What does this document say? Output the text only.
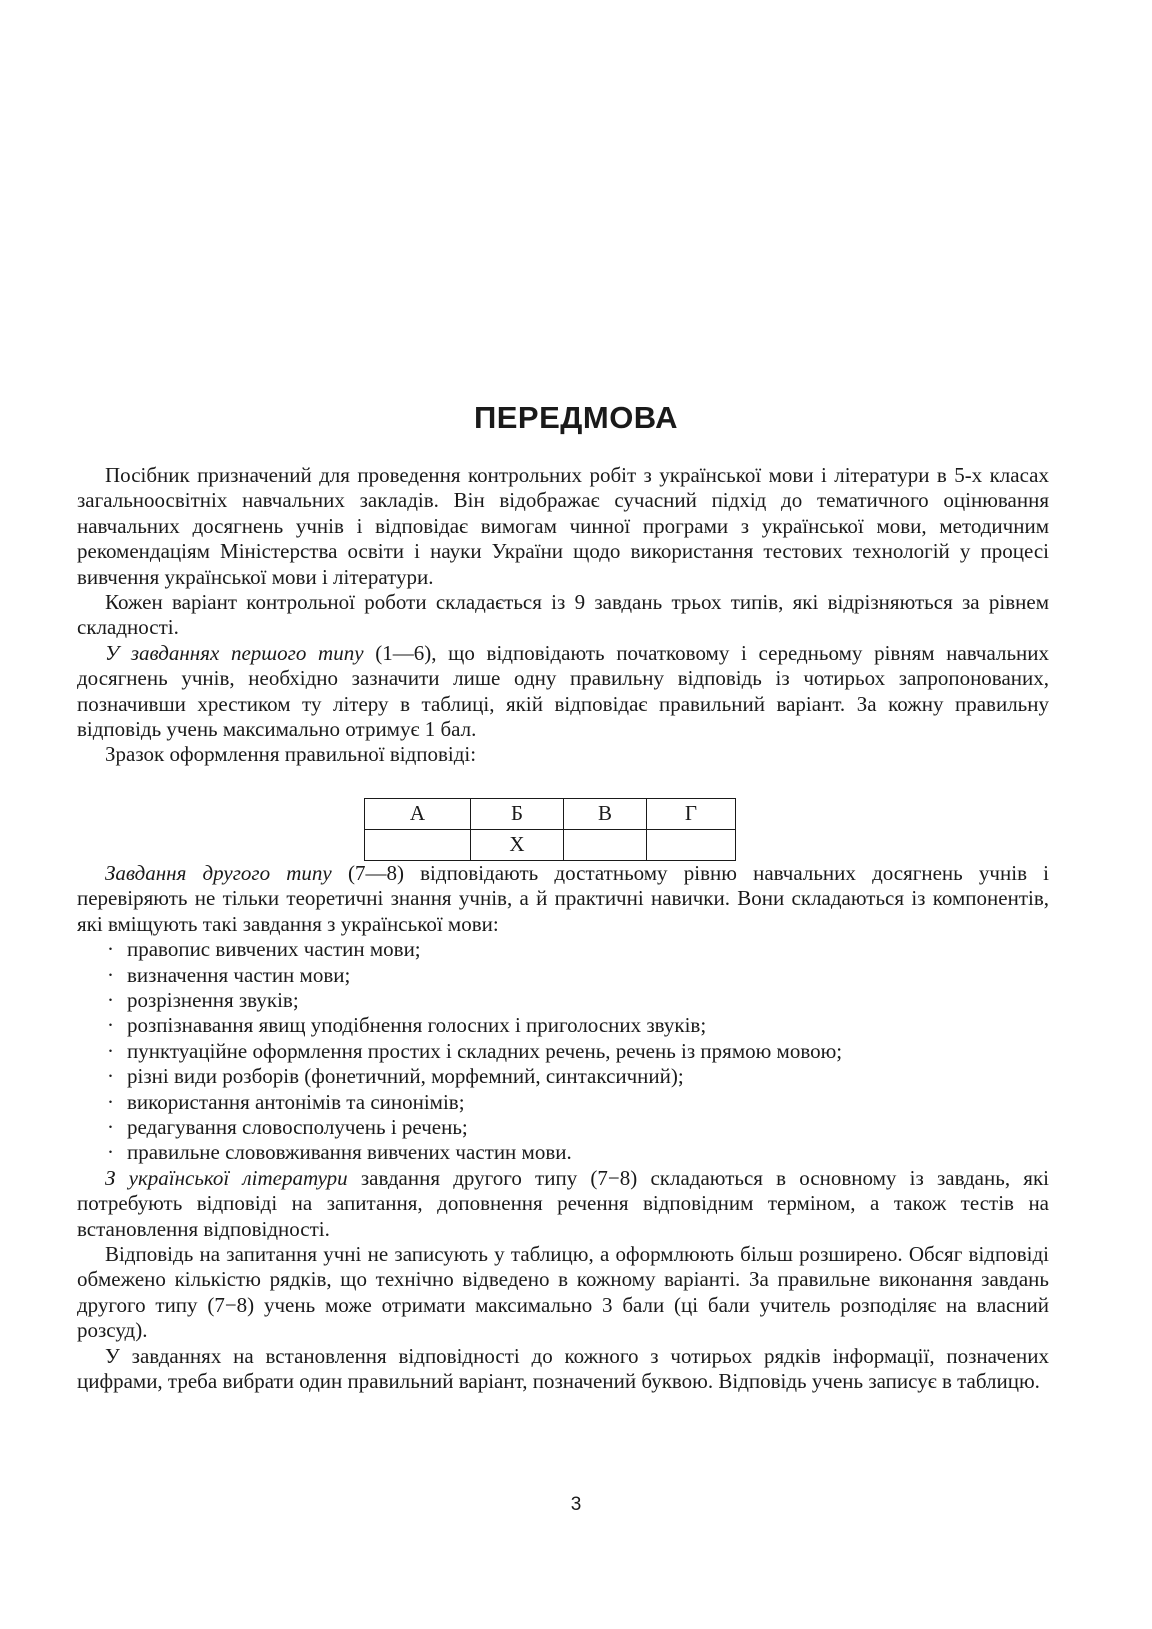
ПЕРЕДМОВА

Посібник призначений для проведення контрольних робіт з української мови і літератури в 5-х класах загальноосвітніх навчальних закладів. Він відображає сучасний підхід до тематичного оцінювання навчальних досягнень учнів і відповідає вимогам чинної програми з української мови, методичним рекомендаціям Міністерства освіти і науки України щодо використання тестових технологій у процесі вивчення української мови і літератури.

Кожен варіант контрольної роботи складається із 9 завдань трьох типів, які відрізняються за рівнем складності.

У завданнях першого типу (1—6), що відповідають початковому і середньому рівням навчальних досягнень учнів, необхідно зазначити лише одну правильну відповідь із чотирьох запропонованих, позначивши хрестиком ту літеру в таблиці, якій відповідає правильний варіант. За кожну правильну відповідь учень максимально отримує 1 бал.

Зразок оформлення правильної відповіді:

А	Б	В	Г
	Х		

Завдання другого типу (7—8) відповідають достатньому рівню навчальних досягнень учнів і перевіряють не тільки теоретичні знання учнів, а й практичні навички. Вони складаються із компонентів, які вміщують такі завдання з української мови:

· правопис вивчених частин мови;
· визначення частин мови;
· розрізнення звуків;
· розпізнавання явищ уподібнення голосних і приголосних звуків;
· пунктуаційне оформлення простих і складних речень, речень із прямою мовою;
· різні види розборів (фонетичний, морфемний, синтаксичний);
· використання антонімів та синонімів;
· редагування словосполучень і речень;
· правильне слововживання вивчених частин мови.

З української літератури завдання другого типу (7−8) складаються в основному із завдань, які потребують відповіді на запитання, доповнення речення відповідним терміном, а також тестів на встановлення відповідності.

Відповідь на запитання учні не записують у таблицю, а оформлюють більш розширено. Обсяг відповіді обмежено кількістю рядків, що технічно відведено в кожному варіанті. За правильне виконання завдань другого типу (7−8) учень може отримати максимально 3 бали (ці бали учитель розподіляє на власний розсуд).

У завданнях на встановлення відповідності до кожного з чотирьох рядків інформації, позначених цифрами, треба вибрати один правильний варіант, позначений буквою. Відповідь учень записує в таблицю.

3
